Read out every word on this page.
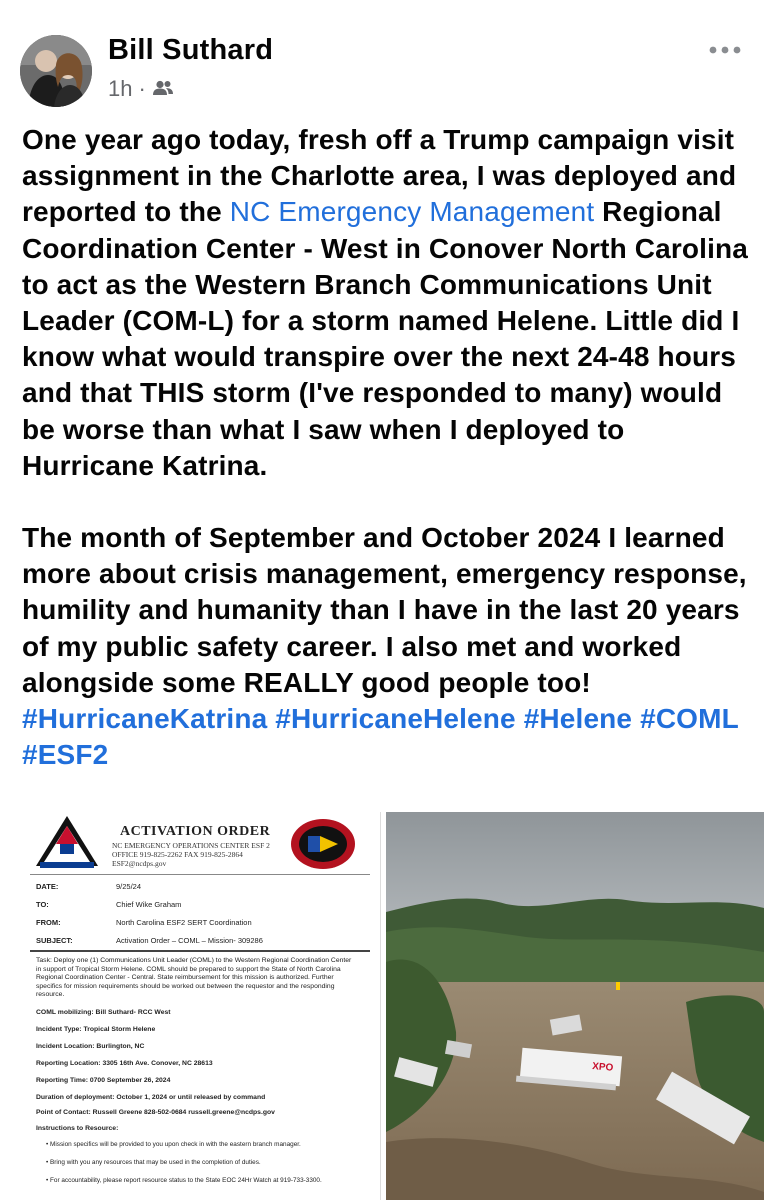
Bill Suthard
1h ·

One year ago today, fresh off a Trump campaign visit assignment in the Charlotte area, I was deployed and reported to the NC Emergency Management Regional Coordination Center - West in Conover North Carolina to act as the Western Branch Communications Unit Leader (COM-L) for a storm named Helene. Little did I know what would transpire over the next 24-48 hours and that THIS storm (I've responded to many) would be worse than what I saw when I deployed to Hurricane Katrina.

The month of September and October 2024 I learned more about crisis management, emergency response, humility and humanity than I have in the last 20 years of my public safety career. I also met and worked alongside some REALLY good people too! #HurricaneKatrina #HurricaneHelene #Helene #COML #ESF2

ACTIVATION ORDER
NC EMERGENCY OPERATIONS CENTER ESF 2
OFFICE 919-825-2262 FAX 919-825-2864
ESF2@ncdps.gov
DATE:	9/25/24
TO:	Chief Wike Graham
FROM:	North Carolina ESF2 SERT Coordination
SUBJECT:	Activation Order – COML – Mission- 309286
Task: Deploy one (1) Communications Unit Leader (COML) to the Western Regional Coordination Center in support of Tropical Storm Helene. COML should be prepared to support the State of North Carolina Regional Coordination Center - Central. State reimbursement for this mission is authorized. Further specifics for mission requirements should be worked out between the requestor and the responding resource.
COML mobilizing: Bill Suthard- RCC West
Incident Type: Tropical Storm Helene
Incident Location: Burlington, NC
Reporting Location: 3305 16th Ave. Conover, NC 28613
Reporting Time: 0700 September 26, 2024
Duration of deployment: October 1, 2024 or until released by command
Point of Contact: Russell Greene 828-502-0684 russell.greene@ncdps.gov
Instructions to Resource:
• Mission specifics will be provided to you upon check in with the eastern branch manager.
• Bring with you any resources that may be used in the completion of duties.
• For accountability, please report resource status to the State EOC 24Hr Watch at 919-733-3300.
XPO
